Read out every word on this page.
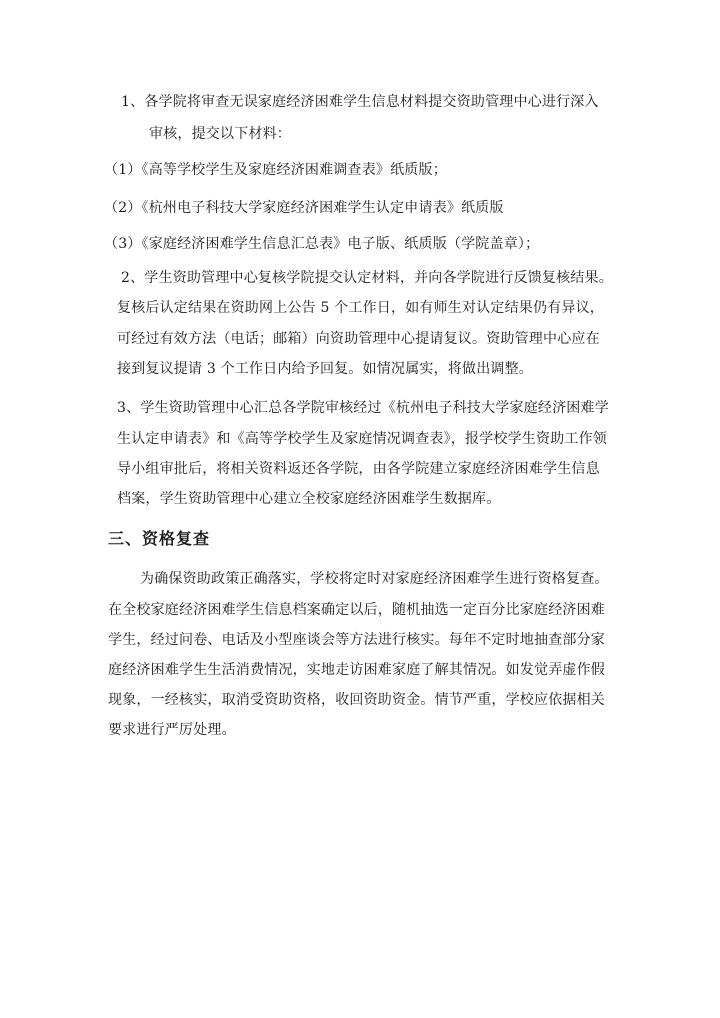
1、各学院将审查无误家庭经济困难学生信息材料提交资助管理中心进行深入
审核，提交以下材料：
（1）《高等学校学生及家庭经济困难调查表》纸质版；
（2）《杭州电子科技大学家庭经济困难学生认定申请表》纸质版
（3）《家庭经济困难学生信息汇总表》电子版、纸质版（学院盖章）；
2、学生资助管理中心复核学院提交认定材料，并向各学院进行反馈复核结果。
复核后认定结果在资助网上公告 5 个工作日，如有师生对认定结果仍有异议，
可经过有效方法（电话；邮箱）向资助管理中心提请复议。资助管理中心应在
接到复议提请 3 个工作日内给予回复。如情况属实，将做出调整。
3、学生资助管理中心汇总各学院审核经过《杭州电子科技大学家庭经济困难学
生认定申请表》和《高等学校学生及家庭情况调查表》，报学校学生资助工作领
导小组审批后，将相关资料返还各学院，由各学院建立家庭经济困难学生信息
档案，学生资助管理中心建立全校家庭经济困难学生数据库。
三、资格复查
为确保资助政策正确落实，学校将定时对家庭经济困难学生进行资格复查。
在全校家庭经济困难学生信息档案确定以后，随机抽选一定百分比家庭经济困难
学生，经过问卷、电话及小型座谈会等方法进行核实。每年不定时地抽查部分家
庭经济困难学生生活消费情况，实地走访困难家庭了解其情况。如发觉弄虚作假
现象，一经核实，取消受资助资格，收回资助资金。情节严重，学校应依据相关
要求进行严厉处理。
